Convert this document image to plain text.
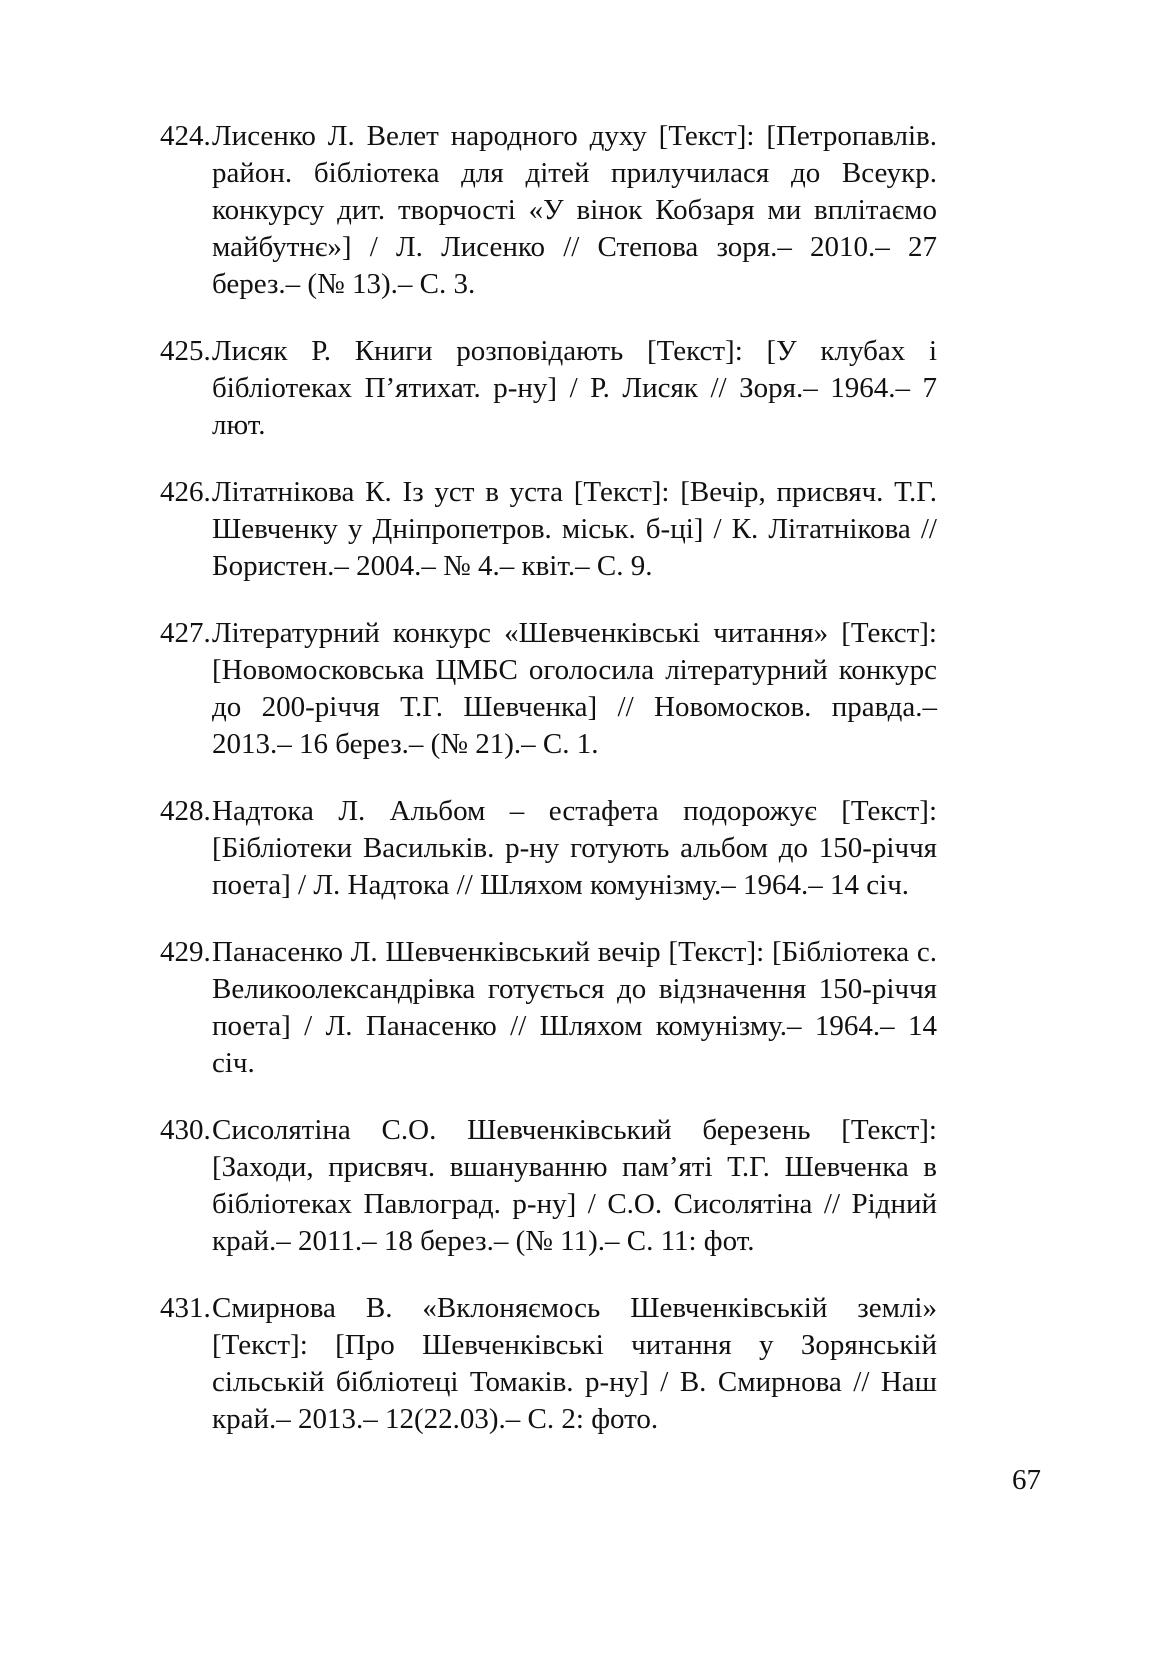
424. Лисенко Л. Велет народного духу [Текст]: [Петропавлів. район. бібліотека для дітей прилучилася до Всеукр. конкурсу дит. творчості «У вінок Кобзаря ми вплітаємо майбутнє»] / Л. Лисенко // Степова зоря.– 2010.– 27 берез.– (№ 13).– С. 3.
425. Лисяк Р. Книги розповідають [Текст]: [У клубах і бібліотеках П’ятихат. р-ну] / Р. Лисяк // Зоря.– 1964.– 7 лют.
426. Літатнікова К. Із уст в уста [Текст]: [Вечір, присвяч. Т.Г. Шевченку у Дніпропетров. міськ. б-ці] / К. Літатнікова // Бористен.– 2004.– № 4.– квіт.– С. 9.
427. Літературний конкурс «Шевченківські читання» [Текст]: [Новомосковська ЦМБС оголосила літературний конкурс до 200-річчя Т.Г. Шевченка] // Новомосков. правда.– 2013.– 16 берез.– (№ 21).– С. 1.
428. Надтока Л. Альбом – естафета подорожує [Текст]: [Бібліотеки Васильків. р-ну готують альбом до 150-річчя поета] / Л. Надтока // Шляхом комунізму.– 1964.– 14 січ.
429. Панасенко Л. Шевченківський вечір [Текст]: [Бібліотека с. Великоолександрівка готується до відзначення 150-річчя поета] / Л. Панасенко // Шляхом комунізму.– 1964.– 14 січ.
430. Сисолятіна С.О. Шевченківський березень [Текст]: [Заходи, присвяч. вшануванню пам’яті Т.Г. Шевченка в бібліотеках Павлоград. р-ну] / С.О. Сисолятіна // Рідний край.– 2011.– 18 берез.– (№ 11).– С. 11: фот.
431. Смирнова В. «Вклоняємось Шевченківській землі» [Текст]: [Про Шевченківські читання у Зорянській сільській бібліотеці Томаків. р-ну] / В. Смирнова // Наш край.– 2013.– 12(22.03).– С. 2: фото.
67
